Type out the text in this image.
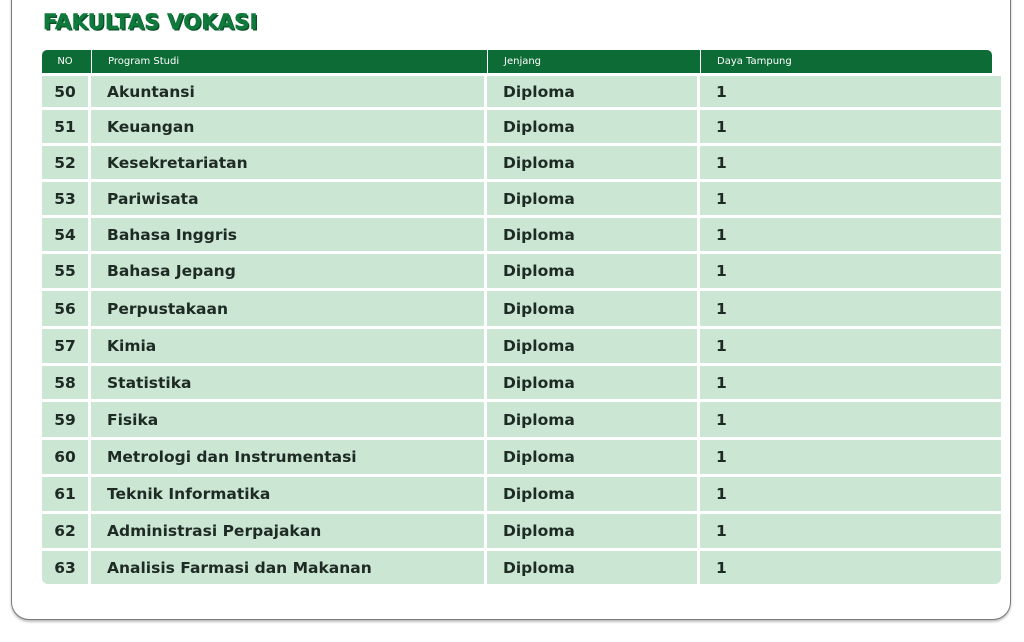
FAKULTAS VOKASI
NO	Program Studi	Jenjang	Daya Tampung
50	Akuntansi	Diploma	1
51	Keuangan	Diploma	1
52	Kesekretariatan	Diploma	1
53	Pariwisata	Diploma	1
54	Bahasa Inggris	Diploma	1
55	Bahasa Jepang	Diploma	1
56	Perpustakaan	Diploma	1
57	Kimia	Diploma	1
58	Statistika	Diploma	1
59	Fisika	Diploma	1
60	Metrologi dan Instrumentasi	Diploma	1
61	Teknik Informatika	Diploma	1
62	Administrasi Perpajakan	Diploma	1
63	Analisis Farmasi dan Makanan	Diploma	1
